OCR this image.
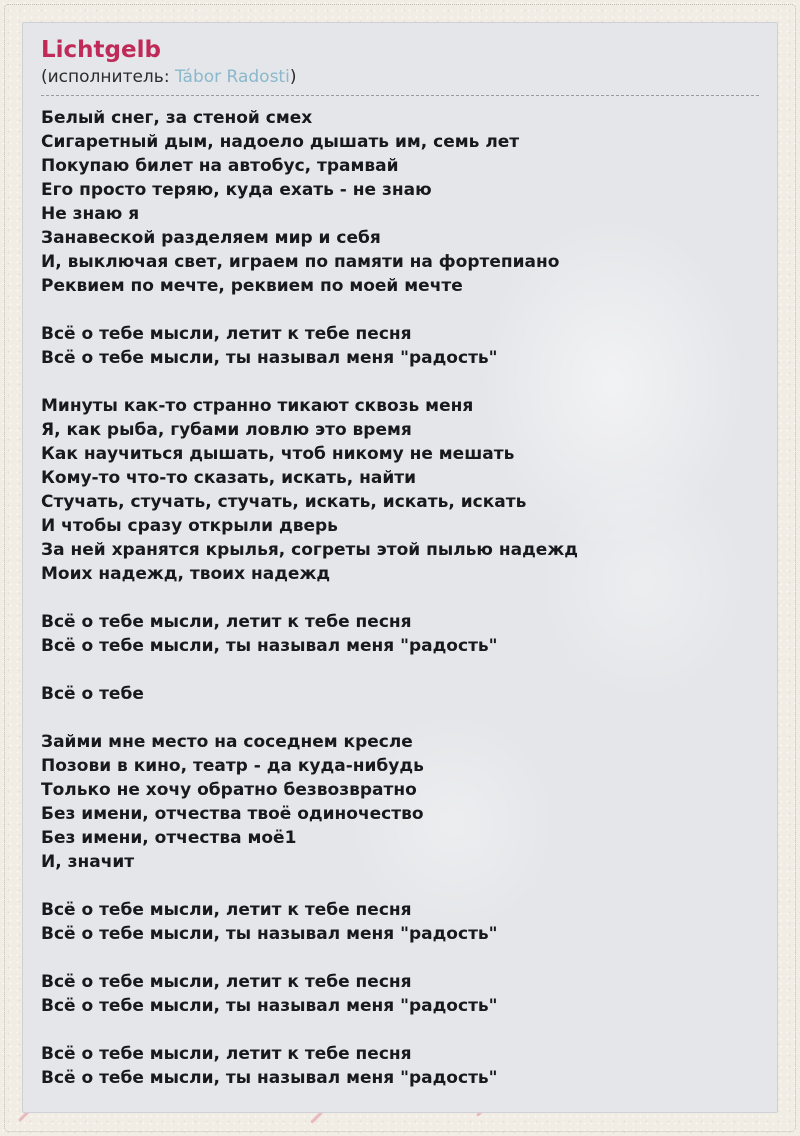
Lichtgelb
(исполнитель: Tábor Radosti)
Белый снег, за стеной смех
Сигаретный дым, надоело дышать им, семь лет
Покупаю билет на автобус, трамвай
Его просто теряю, куда ехать - не знаю
Не знаю я
Занавеской разделяем мир и себя
И, выключая свет, играем по памяти на фортепиано
Реквием по мечте, реквием по моей мечте
Всё о тебе мысли, летит к тебе песня
Всё о тебе мысли, ты называл меня "радость"
Минуты как-то странно тикают сквозь меня
Я, как рыба, губами ловлю это время
Как научиться дышать, чтоб никому не мешать
Кому-то что-то сказать, искать, найти
Стучать, стучать, стучать, искать, искать, искать
И чтобы сразу открыли дверь
За ней хранятся крылья, согреты этой пылью надежд
Моих надежд, твоих надежд
Всё о тебе мысли, летит к тебе песня
Всё о тебе мысли, ты называл меня "радость"
Всё о тебе
Займи мне место на соседнем кресле
Позови в кино, театр - да куда-нибудь
Только не хочу обратно безвозвратно
Без имени, отчества твоё одиночество
Без имени, отчества моё1
И, значит
Всё о тебе мысли, летит к тебе песня
Всё о тебе мысли, ты называл меня "радость"
Всё о тебе мысли, летит к тебе песня
Всё о тебе мысли, ты называл меня "радость"
Всё о тебе мысли, летит к тебе песня
Всё о тебе мысли, ты называл меня "радость"
